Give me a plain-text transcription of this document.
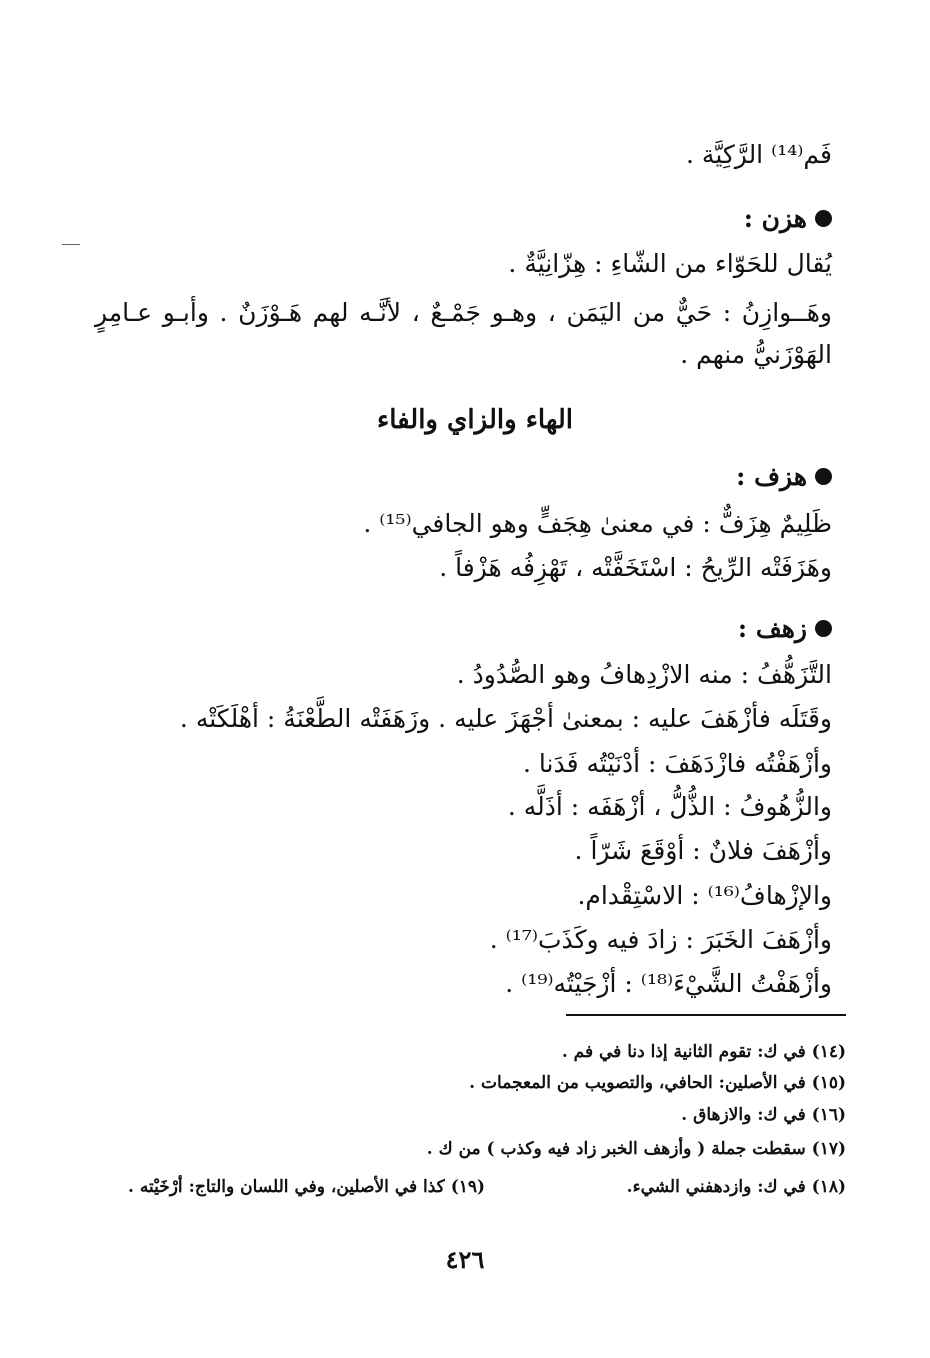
فَم⁽¹⁴⁾ الرَّكِيَّة .
هزن :
يُقال للحَوّاء من الشّاءِ : هِزّانِيَّةٌ .
وهَــوازِنُ : حَيٌّ من اليَمَن ، وهـو جَمْـعٌ ، لأنَّـه لهم هَـوْزَنٌ . وأبـو عـامِرٍ
الهَوْزَنيُّ منهم .
الهاء والزاي والفاء
هزف :
ظَلِيمٌ هِزَفٌّ : في معنىٰ هِجَفٍّ وهو الجافي⁽¹⁵⁾ .
وهَزَفَتْه الرِّيحُ : اسْتَخَفَّتْه ، تَهْزِفُه هَزْفاً .
زهف :
التَّزَهُّفُ : منه الازْدِهافُ وهو الصُّدُودُ .
وقَتَلَه فأزْهَفَ عليه : بمعنىٰ أجْهَزَ عليه . وزَهَفَتْه الطَّعْنَةُ : أهْلَكَتْه .
وأزْهَفْتُه فازْدَهَفَ : أدْنَيْتُه فَدَنا .
والزُّهُوفُ : الذُّلُّ ، أزْهَفَه : أذَلَّه .
وأزْهَفَ فلانٌ : أوْقَعَ شَرّاً .
والإزْهافُ⁽¹⁶⁾ : الاسْتِقْدام.
وأزْهَفَ الخَبَرَ : زادَ فيه وكَذَبَ⁽¹⁷⁾ .
وأزْهَفْتُ الشَّيْءَ⁽¹⁸⁾ : أزْجَيْتُه⁽¹⁹⁾ .
(١٤) في ك: تقوم الثانية إذا دنا في فم .
(١٥) في الأصلين: الحافي، والتصويب من المعجمات .
(١٦) في ك: والازهاق .
(١٧) سقطت جملة ( وأزهف الخبر زاد فيه وكذب ) من ك .
(١٨) في ك: وازدهفني الشيء.
(١٩) كذا في الأصلين، وفي اللسان والتاج: أرْخَيْته .
٤٢٦
